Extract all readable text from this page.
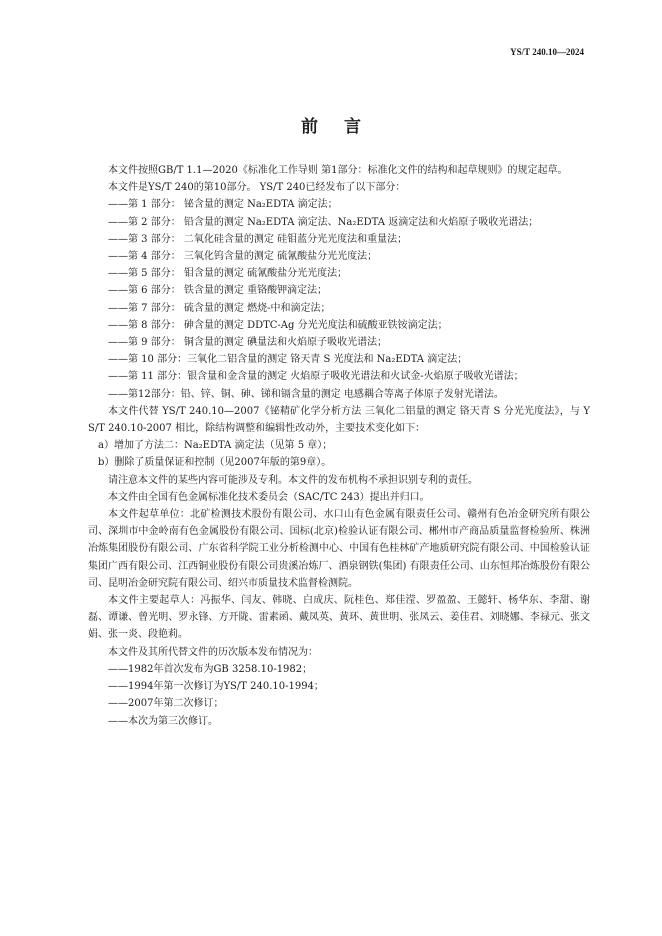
YS/T 240.10—2024
前言

本文件按照GB/T 1.1—2020《标准化工作导则 第1部分：标准化文件的结构和起草规则》的规定起草。

本文件是YS/T 240的第10部分。 YS/T 240已经发布了以下部分：

——第 1 部分： 铋含量的测定 Na₂EDTA 滴定法；

——第 2 部分： 铅含量的测定 Na₂EDTA 滴定法、Na₂EDTA 返滴定法和火焰原子吸收光谱法；

——第 3 部分： 二氧化硅含量的测定 硅钼蓝分光光度法和重量法；

——第 4 部分： 三氧化钨含量的测定 硫氰酸盐分光光度法；

——第 5 部分： 钼含量的测定 硫氰酸盐分光光度法；

——第 6 部分： 铁含量的测定 重铬酸钾滴定法；

——第 7 部分： 硫含量的测定 燃烧-中和滴定法；

——第 8 部分： 砷含量的测定 DDTC-Ag 分光光度法和硫酸亚铁铵滴定法；

——第 9 部分： 铜含量的测定 碘量法和火焰原子吸收光谱法；

——第 10 部分：三氧化二铝含量的测定 铬天青 S 光度法和 Na₂EDTA 滴定法；

——第 11 部分：银含量和金含量的测定 火焰原子吸收光谱法和火试金-火焰原子吸收光谱法；

——第12部分：铅、锌、铜、砷、锑和镉含量的测定 电感耦合等离子体原子发射光谱法。

本文件代替 YS/T 240.10—2007《铋精矿化学分析方法 三氧化二铝量的测定 铬天青 S 分光光度法》，与 YS/T 240.10-2007 相比，除结构调整和编辑性改动外，主要技术变化如下：

a）增加了方法二：Na₂EDTA 滴定法（见第 5 章）；

b）删除了质量保证和控制（见2007年版的第9章）。

请注意本文件的某些内容可能涉及专利。本文件的发布机构不承担识别专利的责任。

本文件由全国有色金属标准化技术委员会（SAC/TC 243）提出并归口。

本文件起草单位：北矿检测技术股份有限公司、水口山有色金属有限责任公司、赣州有色冶金研究所有限公司、深圳市中金岭南有色金属股份有限公司、国标(北京)检验认证有限公司、郴州市产商品质量监督检验所、株洲冶炼集团股份有限公司、广东省科学院工业分析检测中心、中国有色桂林矿产地质研究院有限公司、中国检验认证集团广西有限公司、江西铜业股份有限公司贵溪冶炼厂、酒泉钢铁(集团) 有限责任公司、山东恒邦冶炼股份有限公司、昆明冶金研究院有限公司、绍兴市质量技术监督检测院。

本文件主要起草人：冯振华、闫友、韩晓、白成庆、阮桂色、郑佳滢、罗盈盈、王懿轩、杨华东、李甜、谢磊、谭谦、曾光明、罗永锋、方开陇、雷素函、戴凤英、黄环、黄世明、张凤云、姜佳君、刘晓娜、李禄元、张文娟、张一炎、段艳莉。

本文件及其所代替文件的历次版本发布情况为：

——1982年首次发布为GB 3258.10-1982；

——1994年第一次修订为YS/T 240.10-1994；

——2007年第二次修订；

——本次为第三次修订。
